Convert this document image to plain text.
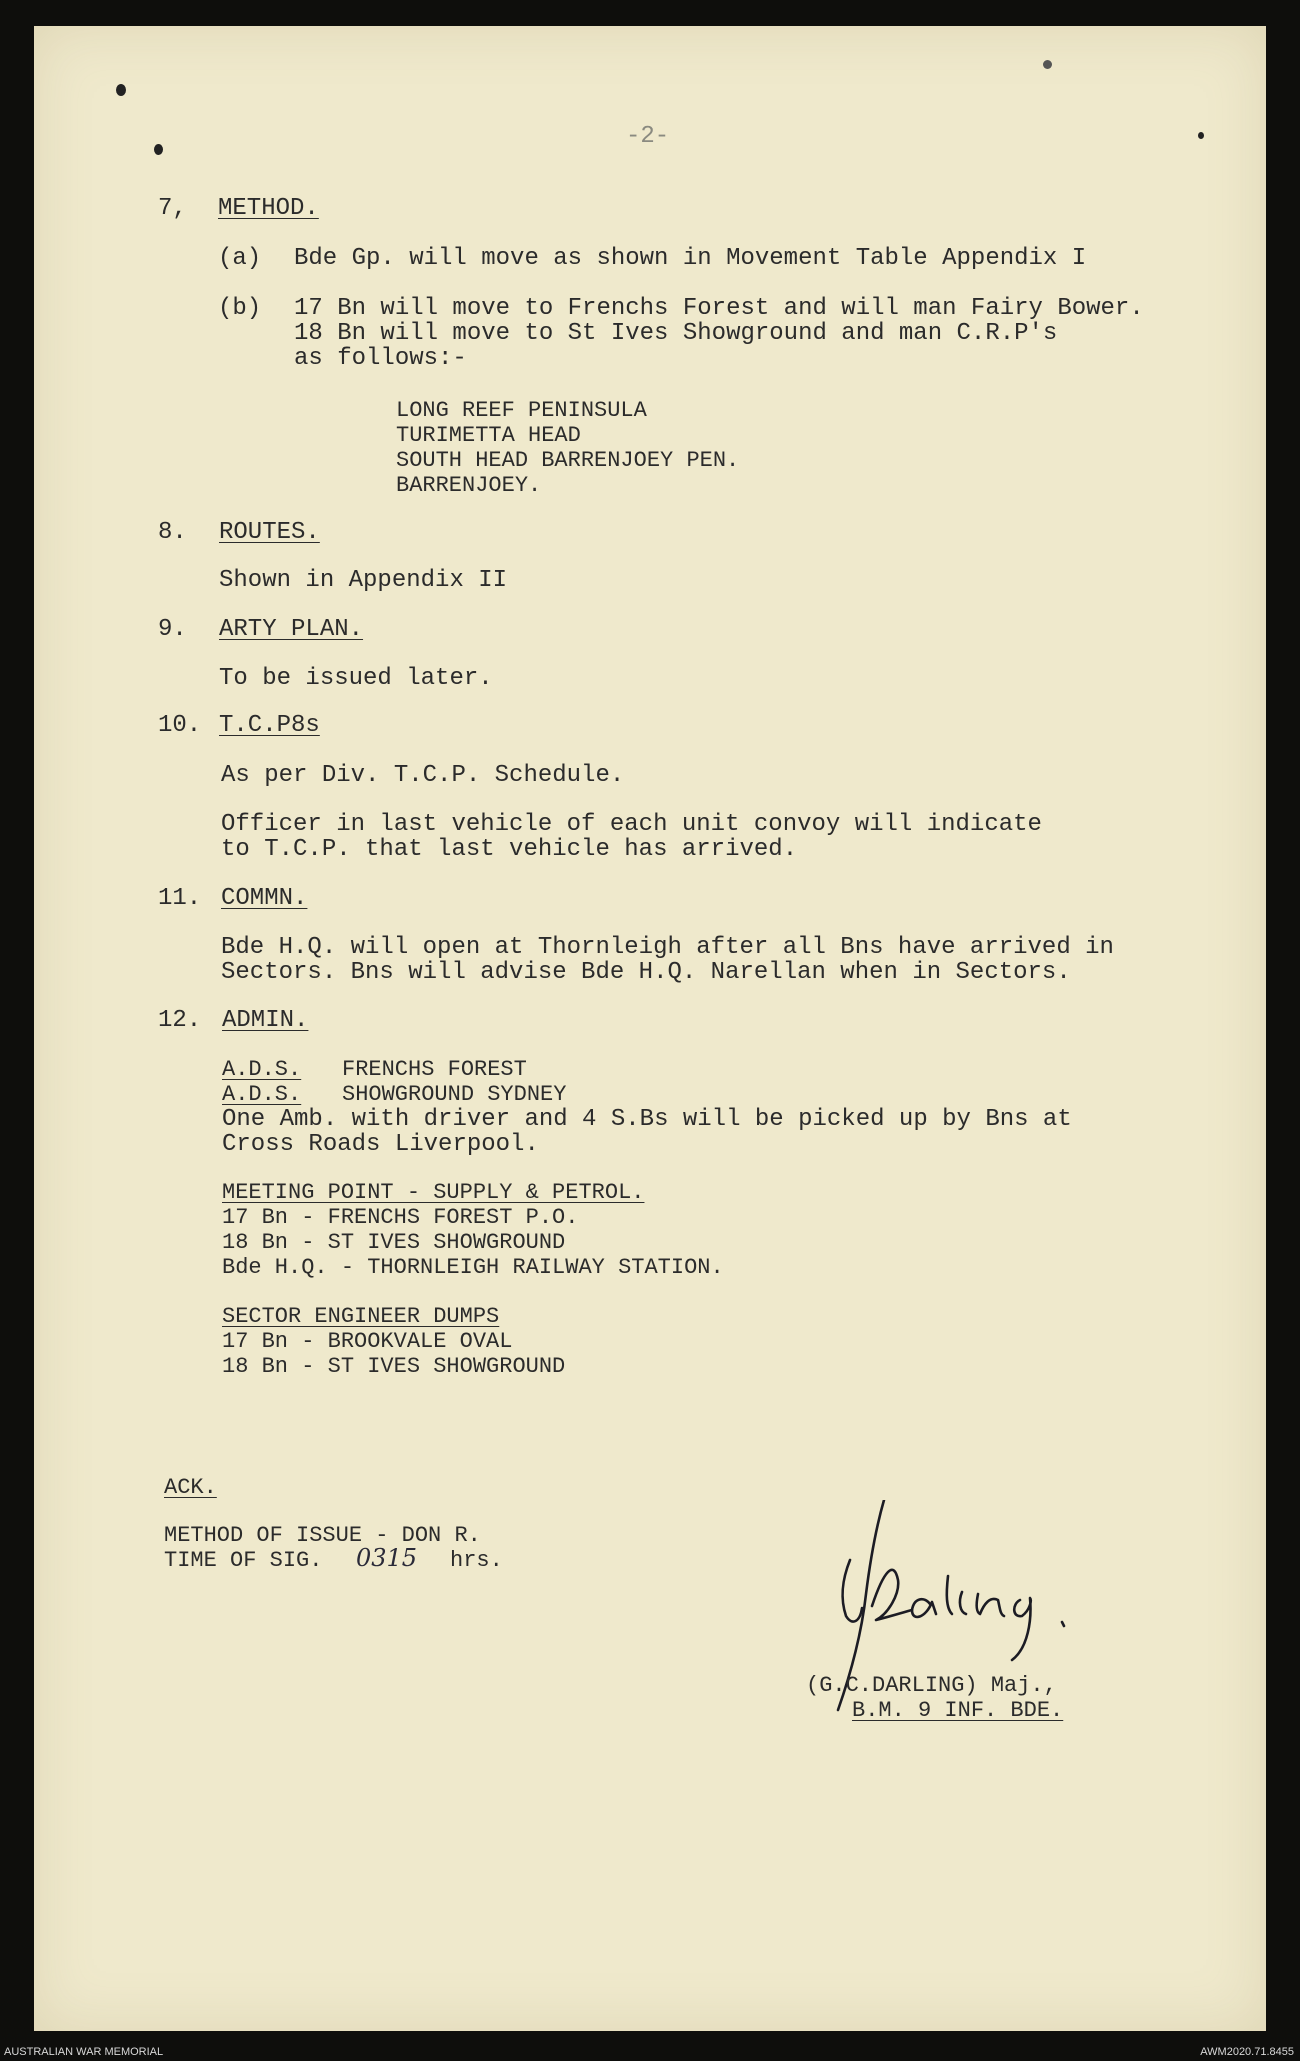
-2-
7, METHOD.
(a) Bde Gp. will move as shown in Movement Table Appendix I
(b) 17 Bn will move to Frenchs Forest and will man Fairy Bower.
18 Bn will move to St Ives Showground and man C.R.P's
as follows:-
LONG REEF PENINSULA
TURIMETTA HEAD
SOUTH HEAD BARRENJOEY PEN.
BARRENJOEY.
8. ROUTES.
Shown in Appendix II
9. ARTY PLAN.
To be issued later.
10. T.C.P8s
As per Div. T.C.P. Schedule.
Officer in last vehicle of each unit convoy will indicate
to T.C.P. that last vehicle has arrived.
11. COMMN.
Bde H.Q. will open at Thornleigh after all Bns have arrived in
Sectors. Bns will advise Bde H.Q. Narellan when in Sectors.
12. ADMIN.
A.D.S. FRENCHS FOREST
A.D.S. SHOWGROUND SYDNEY
One Amb. with driver and 4 S.Bs will be picked up by Bns at
Cross Roads Liverpool.
MEETING POINT - SUPPLY & PETROL.
17 Bn - FRENCHS FOREST P.O.
18 Bn - ST IVES SHOWGROUND
Bde H.Q. - THORNLEIGH RAILWAY STATION.
SECTOR ENGINEER DUMPS
17 Bn - BROOKVALE OVAL
18 Bn - ST IVES SHOWGROUND
ACK.
METHOD OF ISSUE - DON R.
TIME OF SIG. 0315 hrs.
(G.C.DARLING) Maj.,
B.M. 9 INF. BDE.
AUSTRALIAN WAR MEMORIAL	AWM2020.71.8455
